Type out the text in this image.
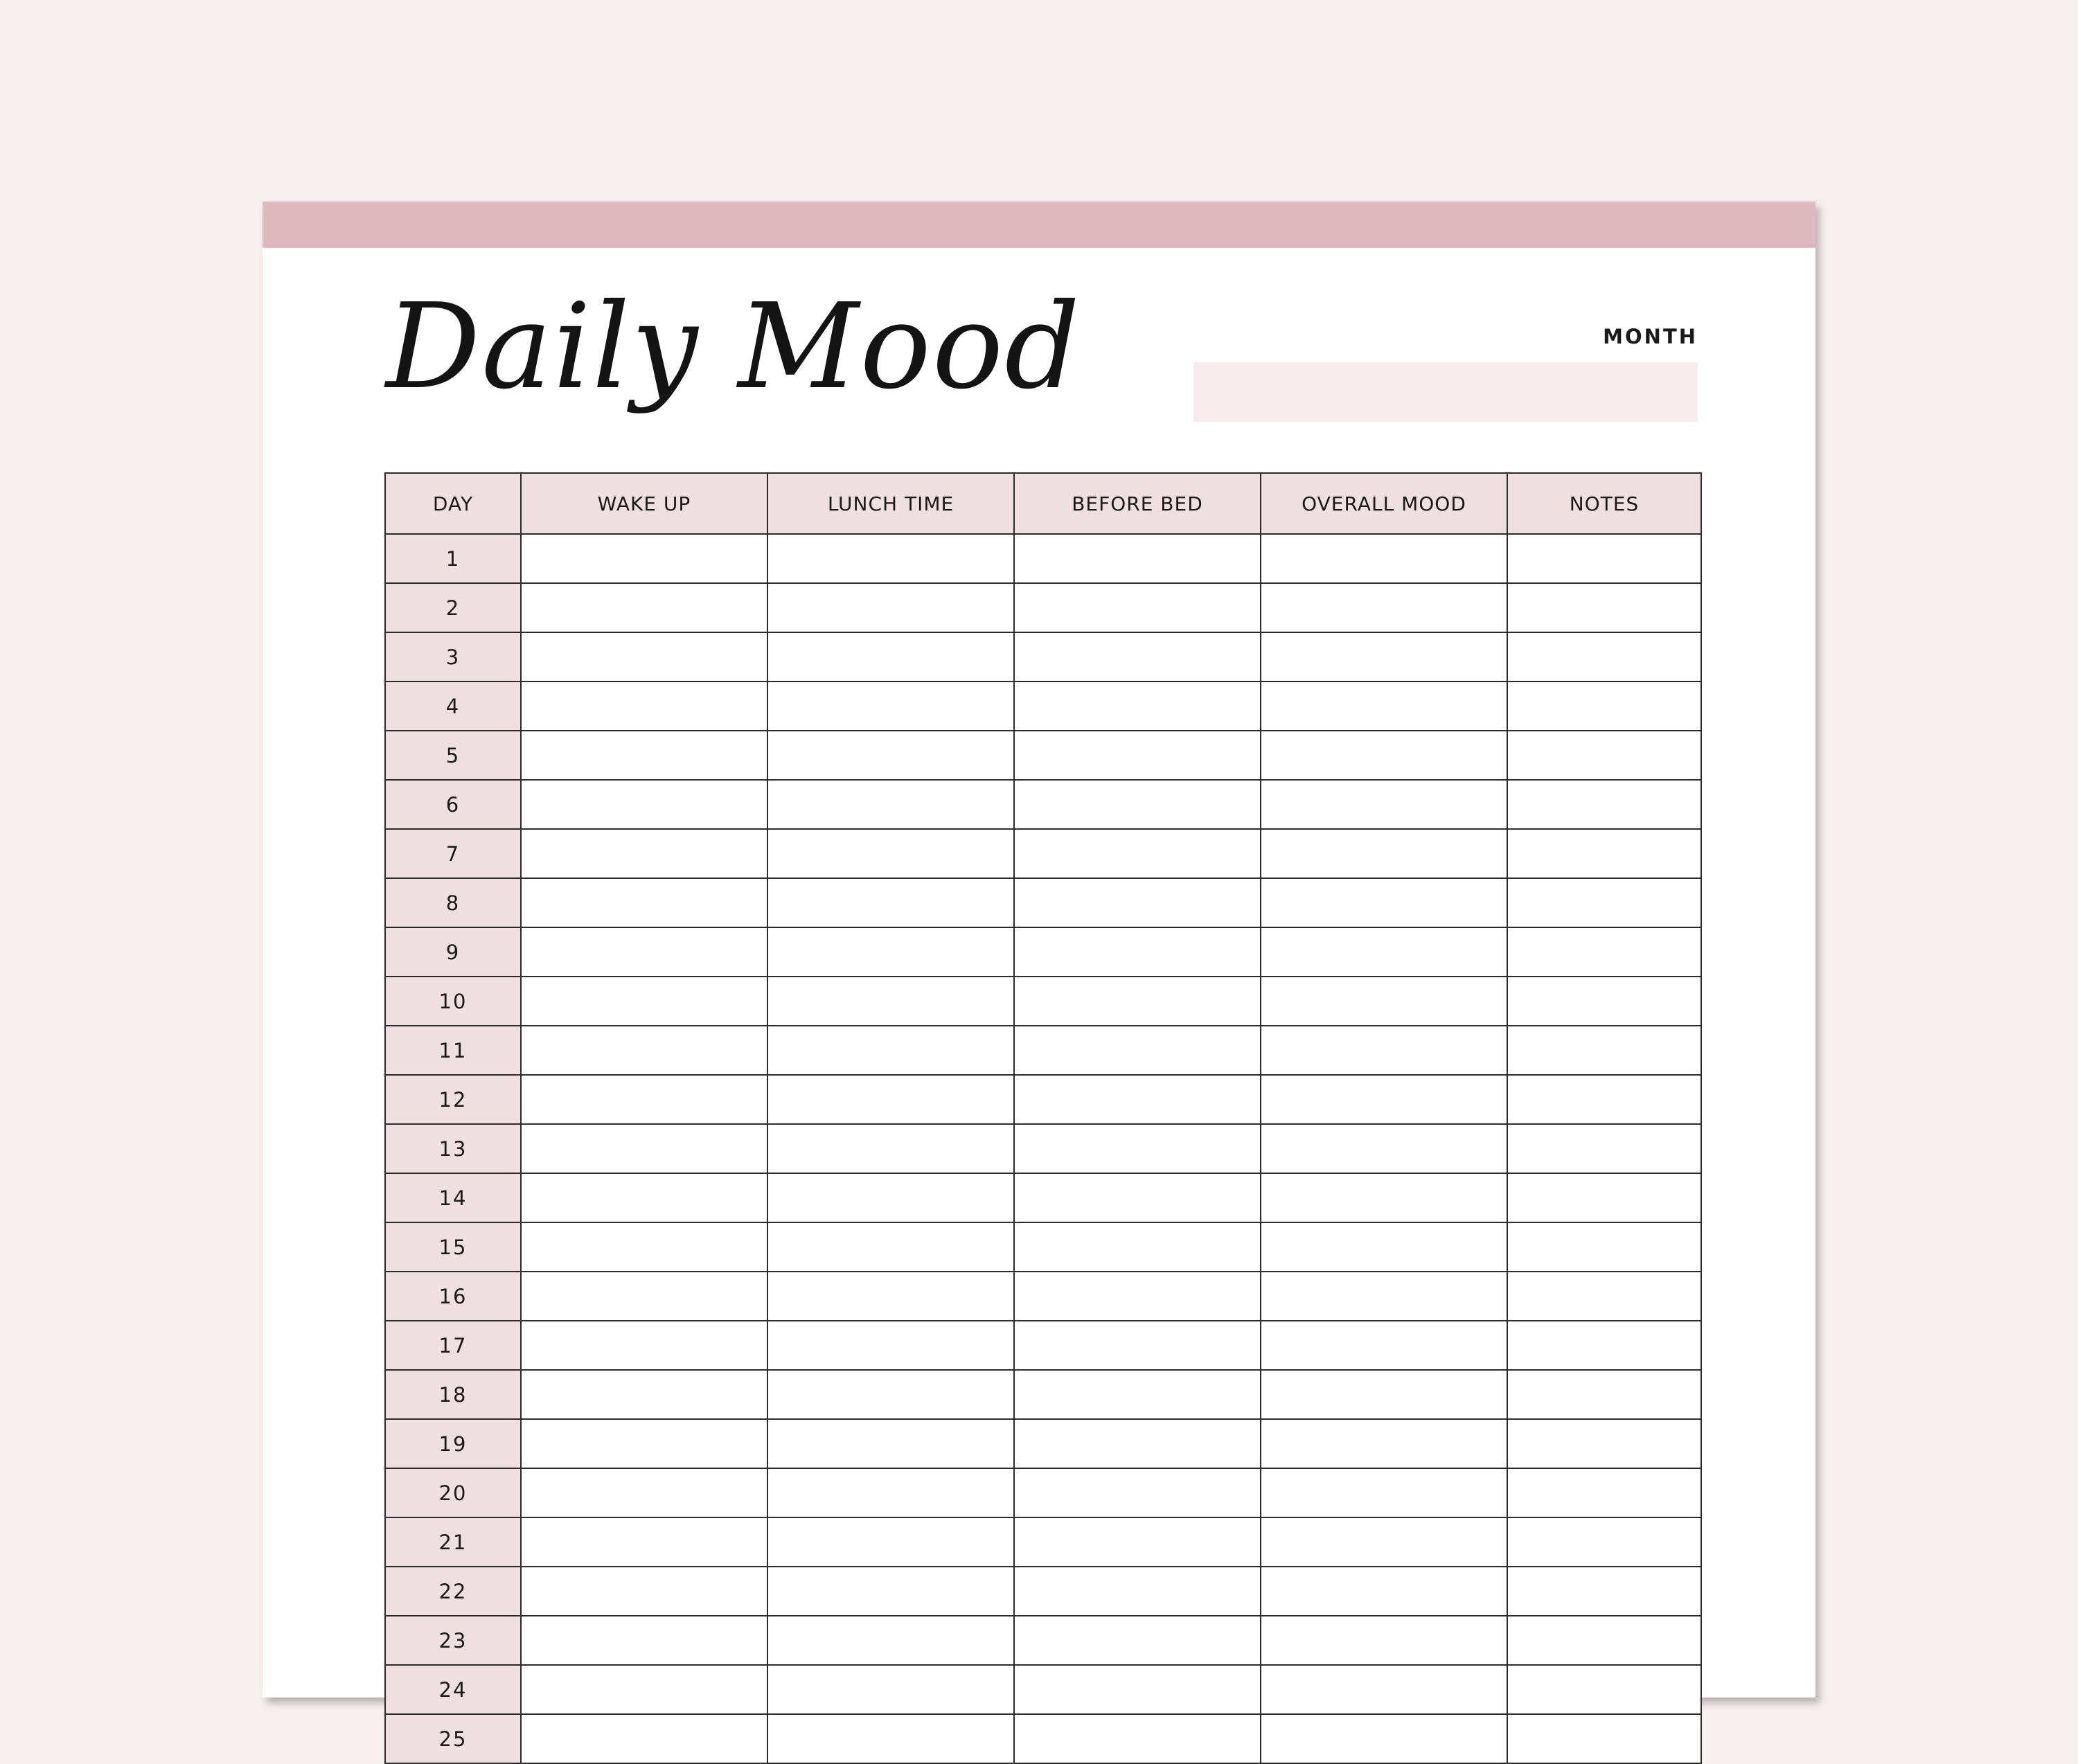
Daily Mood	MONTH
DAY	WAKE UP	LUNCH TIME	BEFORE BED	OVERALL MOOD	NOTES
1					
2					
3					
4					
5					
6					
7					
8					
9					
10					
11					
12					
13					
14					
15					
16					
17					
18					
19					
20					
21					
22					
23					
24					
25					
